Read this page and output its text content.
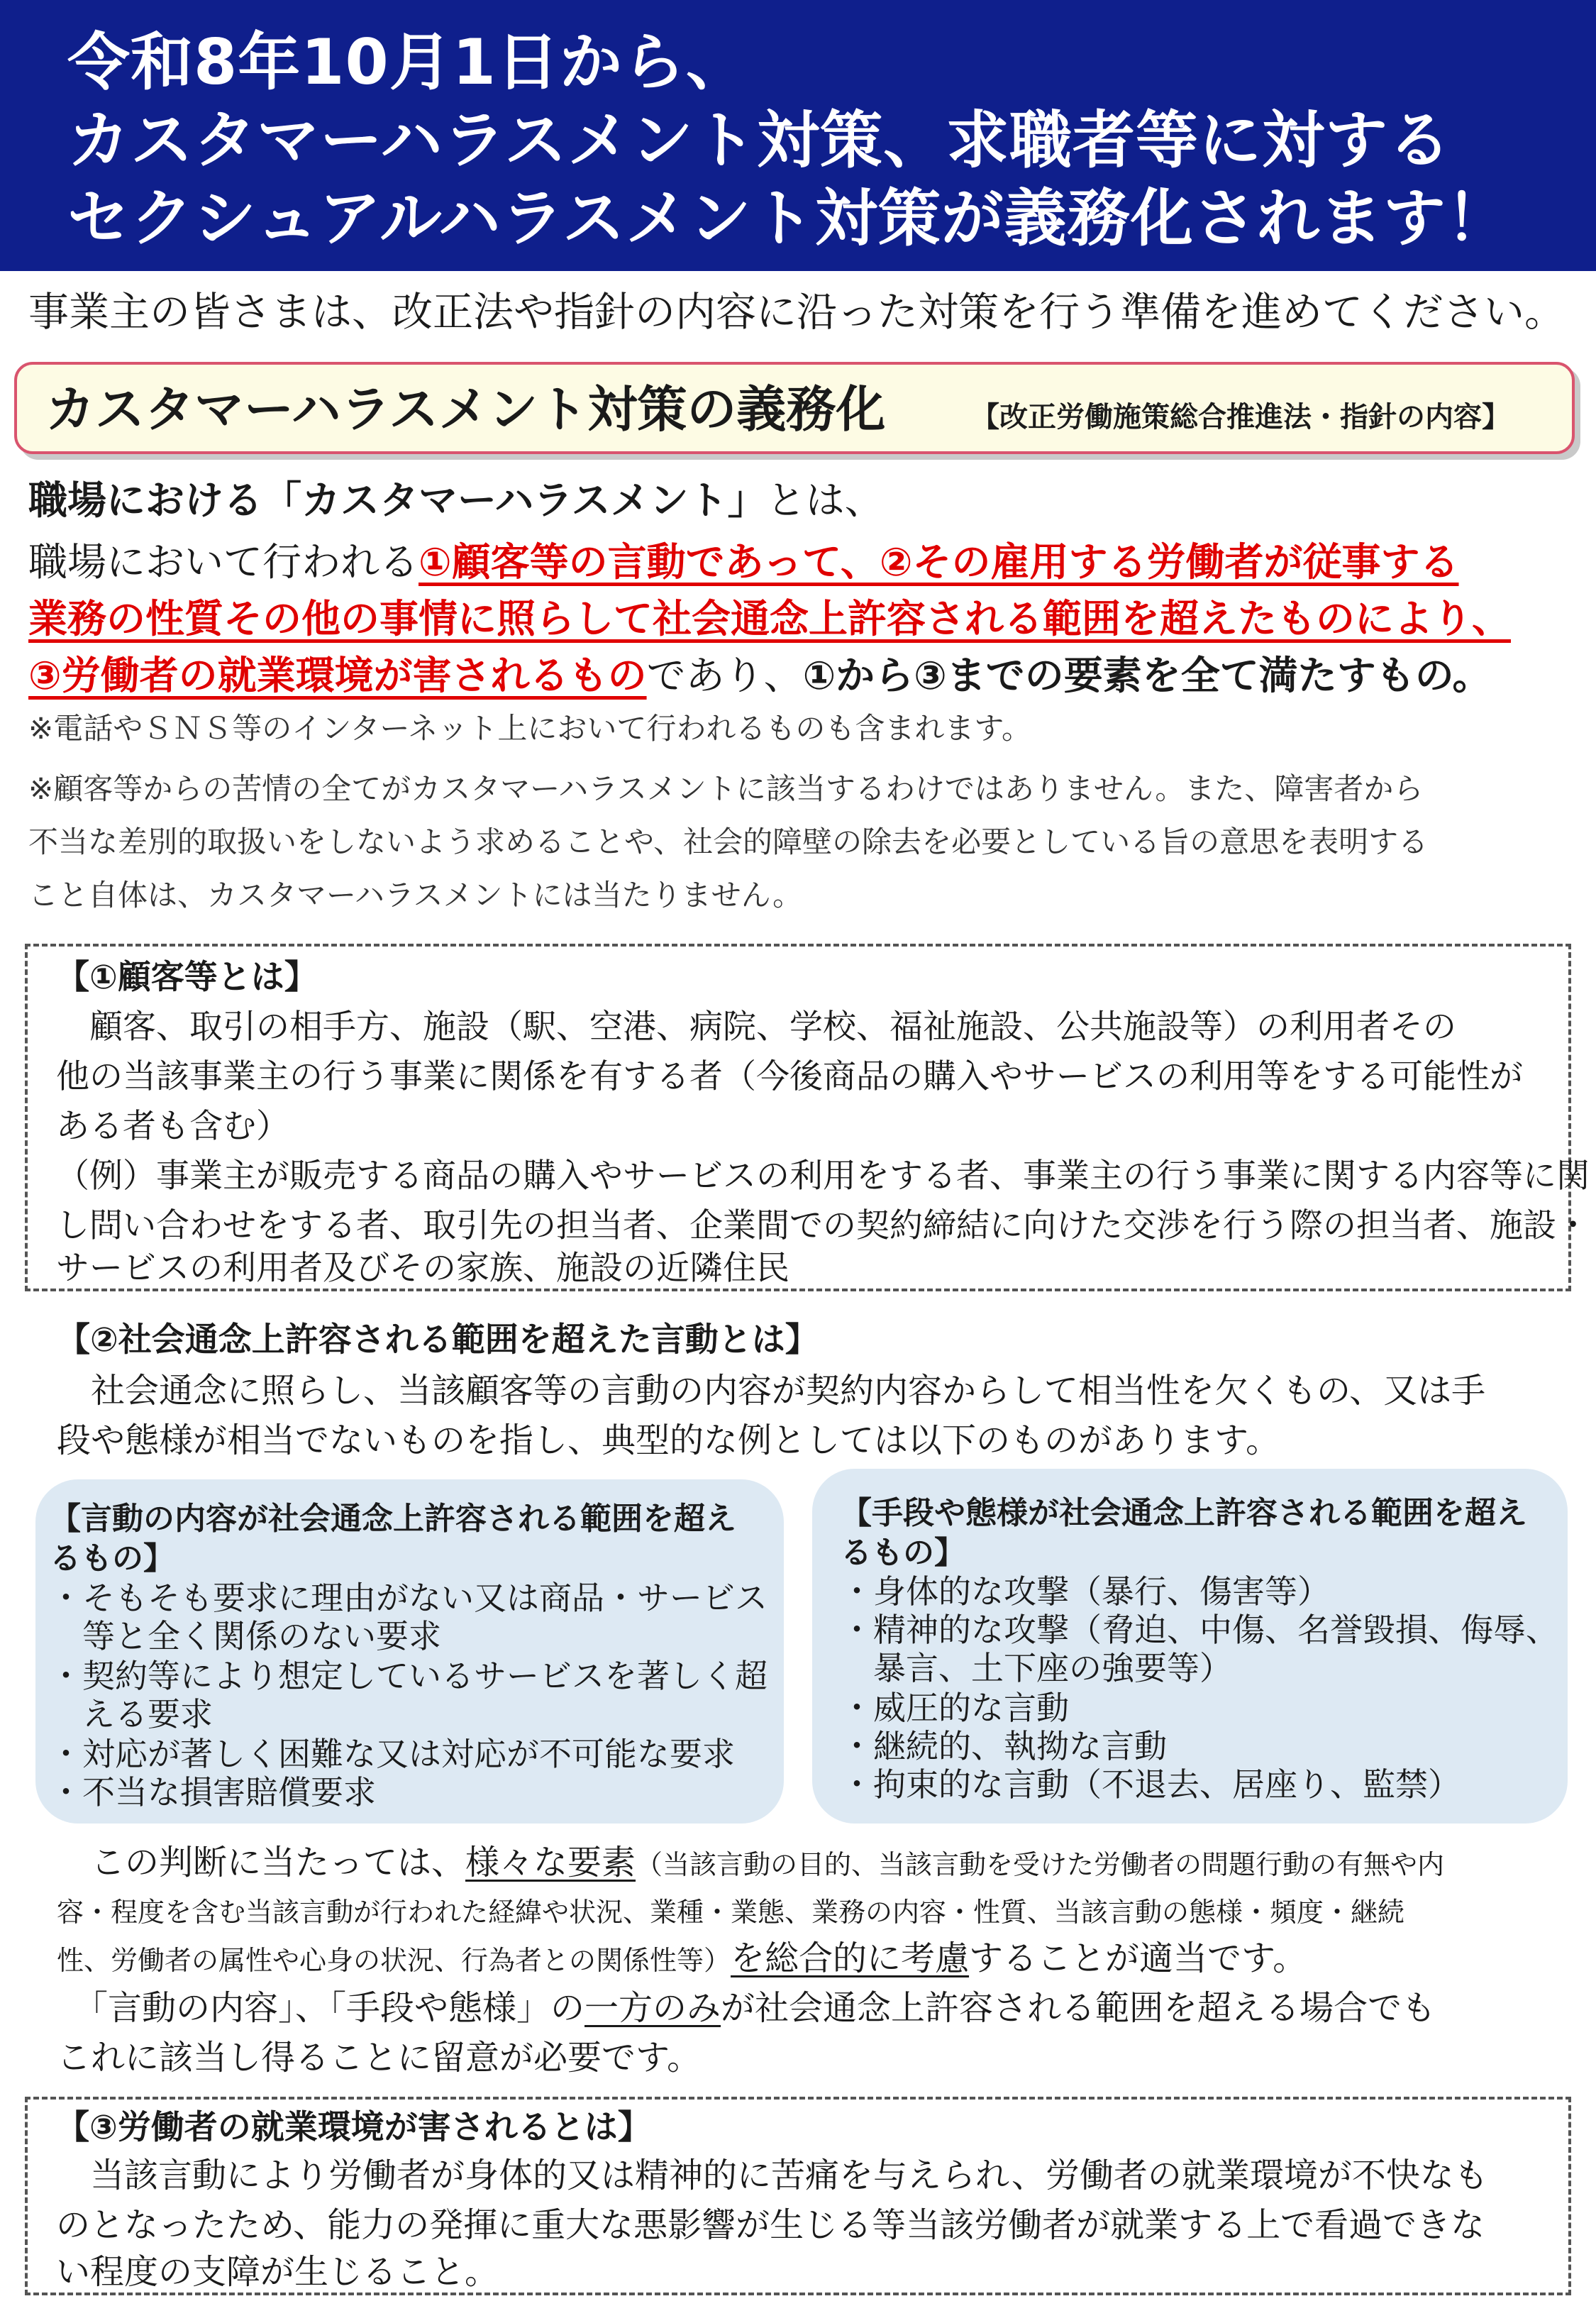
令和8年10月1日から、
カスタマーハラスメント対策、求職者等に対する
セクシュアルハラスメント対策が義務化されます！
事業主の皆さまは、改正法や指針の内容に沿った対策を行う準備を進めてください。
カスタマーハラスメント対策の義務化	【改正労働施策総合推進法・指針の内容】
職場における「カスタマーハラスメント」とは、
職場において行われる①顧客等の言動であって、②その雇用する労働者が従事する
業務の性質その他の事情に照らして社会通念上許容される範囲を超えたものにより、
③労働者の就業環境が害されるものであり、①から③までの要素を全て満たすもの。
※電話やＳＮＳ等のインターネット上において行われるものも含まれます。
※顧客等からの苦情の全てがカスタマーハラスメントに該当するわけではありません。また、障害者から
不当な差別的取扱いをしないよう求めることや、社会的障壁の除去を必要としている旨の意思を表明する
こと自体は、カスタマーハラスメントには当たりません。
【①顧客等とは】
　顧客、取引の相手方、施設（駅、空港、病院、学校、福祉施設、公共施設等）の利用者その
他の当該事業主の行う事業に関係を有する者（今後商品の購入やサービスの利用等をする可能性が
ある者も含む）
（例）事業主が販売する商品の購入やサービスの利用をする者、事業主の行う事業に関する内容等に関
し問い合わせをする者、取引先の担当者、企業間での契約締結に向けた交渉を行う際の担当者、施設・
サービスの利用者及びその家族、施設の近隣住民
【②社会通念上許容される範囲を超えた言動とは】
　社会通念に照らし、当該顧客等の言動の内容が契約内容からして相当性を欠くもの、又は手
段や態様が相当でないものを指し、典型的な例としては以下のものがあります。
【言動の内容が社会通念上許容される範囲を超え
るもの】
・そもそも要求に理由がない又は商品・サービス
　等と全く関係のない要求
・契約等により想定しているサービスを著しく超
　える要求
・対応が著しく困難な又は対応が不可能な要求
・不当な損害賠償要求
【手段や態様が社会通念上許容される範囲を超え
るもの】
・身体的な攻撃（暴行、傷害等）
・精神的な攻撃（脅迫、中傷、名誉毀損、侮辱、
　暴言、土下座の強要等）
・威圧的な言動
・継続的、執拗な言動
・拘束的な言動（不退去、居座り、監禁）
　この判断に当たっては、様々な要素（当該言動の目的、当該言動を受けた労働者の問題行動の有無や内
容・程度を含む当該言動が行われた経緯や状況、業種・業態、業務の内容・性質、当該言動の態様・頻度・継続
性、労働者の属性や心身の状況、行為者との関係性等）を総合的に考慮することが適当です。
　「言動の内容」、「手段や態様」の一方のみが社会通念上許容される範囲を超える場合でも
これに該当し得ることに留意が必要です。
【③労働者の就業環境が害されるとは】
　当該言動により労働者が身体的又は精神的に苦痛を与えられ、労働者の就業環境が不快なも
のとなったため、能力の発揮に重大な悪影響が生じる等当該労働者が就業する上で看過できな
い程度の支障が生じること。
